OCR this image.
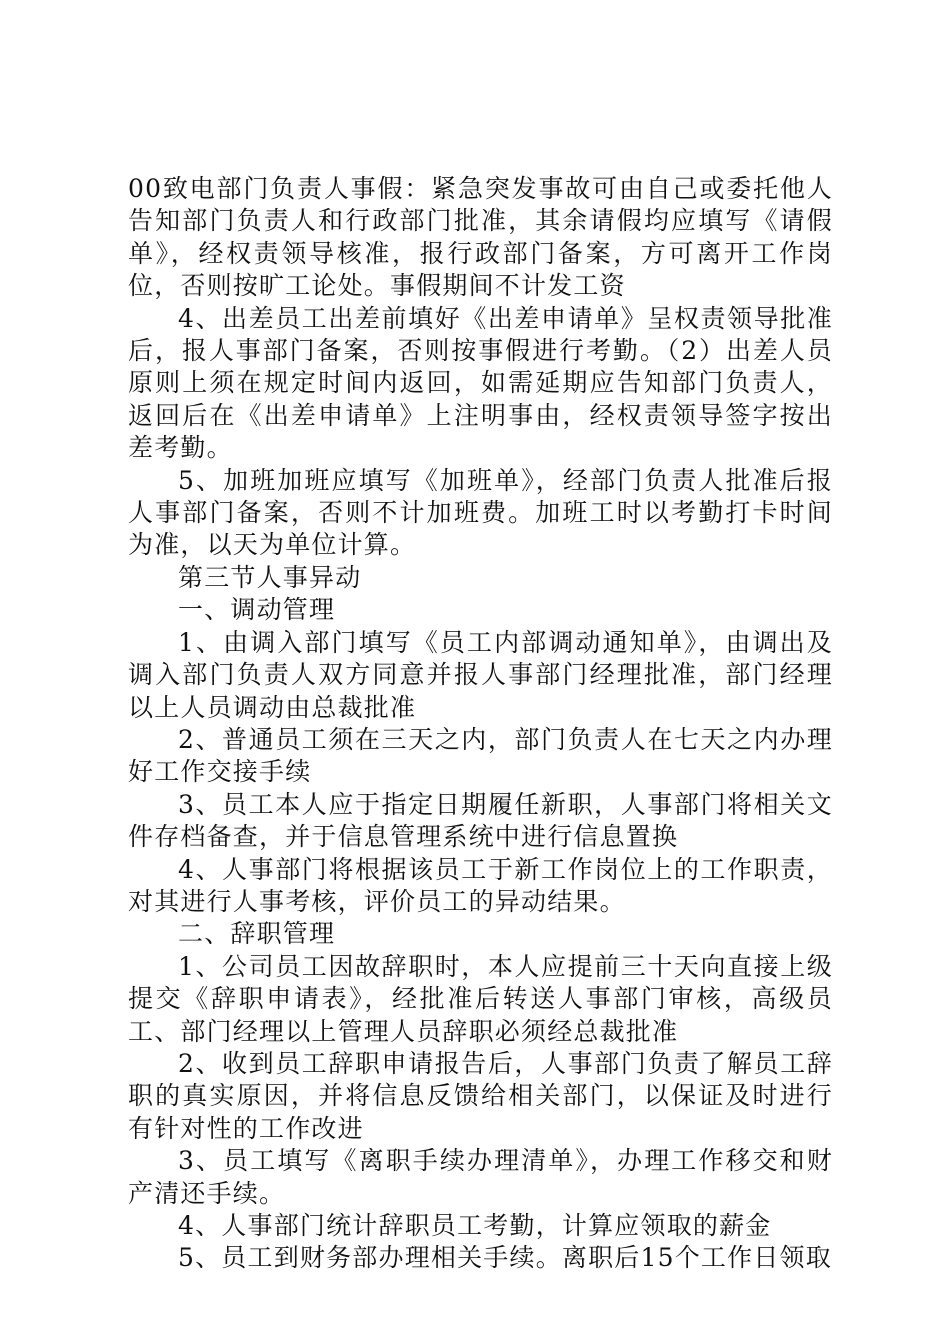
00致电部门负责人事假：紧急突发事故可由自己或委托他人告知部门负责人和行政部门批准，其余请假均应填写《请假单》，经权责领导核准，报行政部门备案，方可离开工作岗位，否则按旷工论处。事假期间不计发工资

4、出差员工出差前填好《出差申请单》呈权责领导批准后，报人事部门备案，否则按事假进行考勤。（2）出差人员原则上须在规定时间内返回，如需延期应告知部门负责人，返回后在《出差申请单》上注明事由，经权责领导签字按出差考勤。

5、加班加班应填写《加班单》，经部门负责人批准后报人事部门备案，否则不计加班费。加班工时以考勤打卡时间为准，以天为单位计算。

第三节人事异动

一、调动管理

1、由调入部门填写《员工内部调动通知单》，由调出及调入部门负责人双方同意并报人事部门经理批准，部门经理以上人员调动由总裁批准

2、普通员工须在三天之内，部门负责人在七天之内办理好工作交接手续

3、员工本人应于指定日期履任新职，人事部门将相关文件存档备查，并于信息管理系统中进行信息置换

4、人事部门将根据该员工于新工作岗位上的工作职责，对其进行人事考核，评价员工的异动结果。

二、辞职管理

1、公司员工因故辞职时，本人应提前三十天向直接上级提交《辞职申请表》，经批准后转送人事部门审核，高级员工、部门经理以上管理人员辞职必须经总裁批准

2、收到员工辞职申请报告后，人事部门负责了解员工辞职的真实原因，并将信息反馈给相关部门，以保证及时进行有针对性的工作改进

3、员工填写《离职手续办理清单》，办理工作移交和财产清还手续。

4、人事部门统计辞职员工考勤，计算应领取的薪金

5、员工到财务部办理相关手续。离职后15个工作日领取
